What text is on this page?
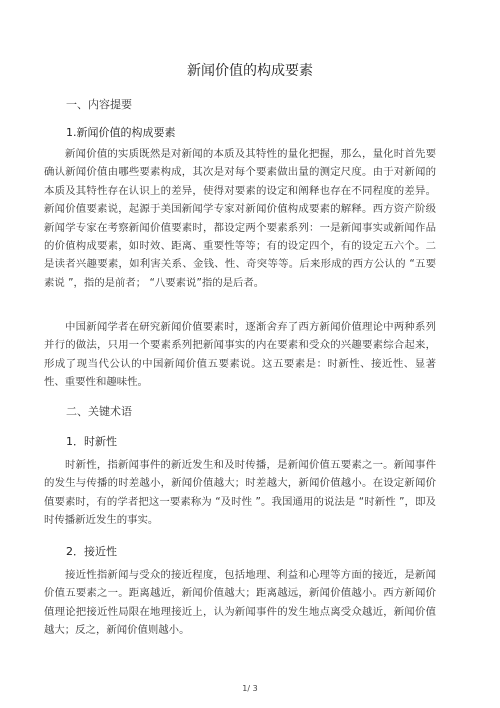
新闻价值的构成要素
一、内容提要
1.新闻价值的构成要素
新闻价值的实质既然是对新闻的本质及其特性的量化把握，那么，量化时首先要确认新闻价值由哪些要素构成，其次是对每个要素做出量的测定尺度。由于对新闻的本质及其特性存在认识上的差异，使得对要素的设定和阐释也存在不同程度的差异。新闻价值要素说，起源于美国新闻学专家对新闻价值构成要素的解释。西方资产阶级新闻学专家在考察新闻价值要素时，都设定两个要素系列：一是新闻事实或新闻作品的价值构成要素，如时效、距离、重要性等等；有的设定四个，有的设定五六个。二是读者兴趣要素，如利害关系、金钱、性、奇突等等。后来形成的西方公认的 “五要素说 ”，指的是前者； “八要素说”指的是后者。
中国新闻学者在研究新闻价值要素时，逐渐舍弃了西方新闻价值理论中两种系列并行的做法，只用一个要素系列把新闻事实的内在要素和受众的兴趣要素综合起来，形成了现当代公认的中国新闻价值五要素说。这五要素是：时新性、接近性、显著性、重要性和趣味性。
二、关键术语
1．时新性
时新性，指新闻事件的新近发生和及时传播，是新闻价值五要素之一。新闻事件的发生与传播的时差越小，新闻价值越大；时差越大，新闻价值越小。在设定新闻价值要素时，有的学者把这一要素称为 “及时性 ”。我国通用的说法是 “时新性 ”，即及时传播新近发生的事实。
2．接近性
接近性指新闻与受众的接近程度，包括地理、利益和心理等方面的接近，是新闻价值五要素之一。距离越近，新闻价值越大；距离越远，新闻价值越小。西方新闻价值理论把接近性局限在地理接近上，认为新闻事件的发生地点离受众越近，新闻价值越大；反之，新闻价值则越小。
1/ 3
